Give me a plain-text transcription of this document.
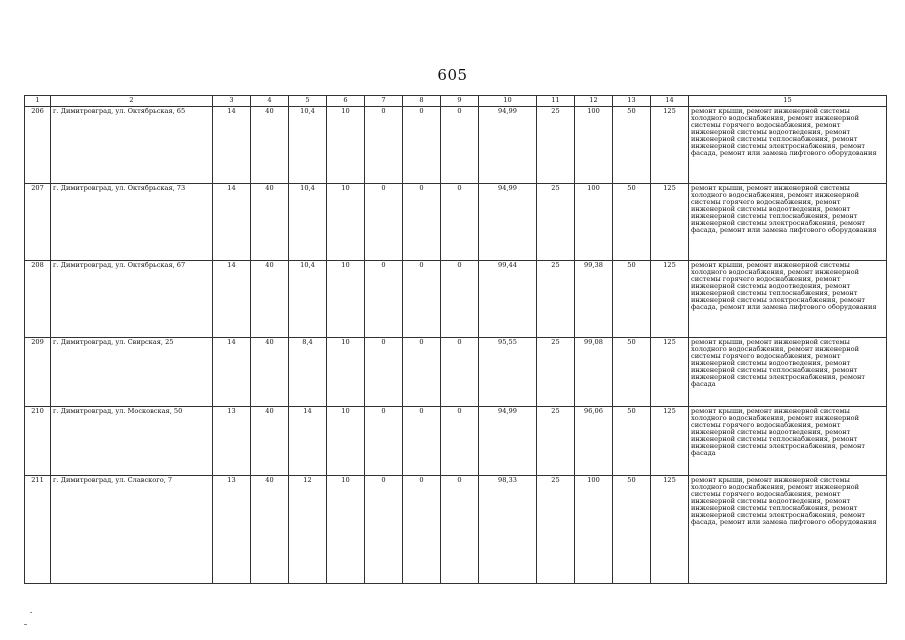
605
1	2	3	4	5	6	7	8	9	10	11	12	13	14	15
206	г. Димитровград, ул. Октябрьская, 65	14	40	10,4	10	0	0	0	94,99	25	100	50	125	ремонт крыши, ремонт инженерной системы холодного водоснабжения, ремонт инженерной системы горячего водоснабжения, ремонт инженерной системы водоотведения, ремонт инженерной системы теплоснабжения, ремонт инженерной системы электроснабжения, ремонт фасада, ремонт или замена лифтового оборудования
207	г. Димитровград, ул. Октябрьская, 73	14	40	10,4	10	0	0	0	94,99	25	100	50	125	ремонт крыши, ремонт инженерной системы холодного водоснабжения, ремонт инженерной системы горячего водоснабжения, ремонт инженерной системы водоотведения, ремонт инженерной системы теплоснабжения, ремонт инженерной системы электроснабжения, ремонт фасада, ремонт или замена лифтового оборудования
208	г. Димитровград, ул. Октябрьская, 67	14	40	10,4	10	0	0	0	99,44	25	99,38	50	125	ремонт крыши, ремонт инженерной системы холодного водоснабжения, ремонт инженерной системы горячего водоснабжения, ремонт инженерной системы водоотведения, ремонт инженерной системы теплоснабжения, ремонт инженерной системы электроснабжения, ремонт фасада, ремонт или замена лифтового оборудования
209	г. Димитровград, ул. Свирская, 25	14	40	8,4	10	0	0	0	95,55	25	99,08	50	125	ремонт крыши, ремонт инженерной системы холодного водоснабжения, ремонт инженерной системы горячего водоснабжения, ремонт инженерной системы водоотведения, ремонт инженерной системы теплоснабжения, ремонт инженерной системы электроснабжения, ремонт фасада
210	г. Димитровград, ул. Московская, 50	13	40	14	10	0	0	0	94,99	25	96,06	50	125	ремонт крыши, ремонт инженерной системы холодного водоснабжения, ремонт инженерной системы горячего водоснабжения, ремонт инженерной системы водоотведения, ремонт инженерной системы теплоснабжения, ремонт инженерной системы электроснабжения, ремонт фасада
211	г. Димитровград, ул. Славского, 7	13	40	12	10	0	0	0	98,33	25	100	50	125	ремонт крыши, ремонт инженерной системы холодного водоснабжения, ремонт инженерной системы горячего водоснабжения, ремонт инженерной системы водоотведения, ремонт инженерной системы теплоснабжения, ремонт инженерной системы электроснабжения, ремонт фасада, ремонт или замена лифтового оборудования
